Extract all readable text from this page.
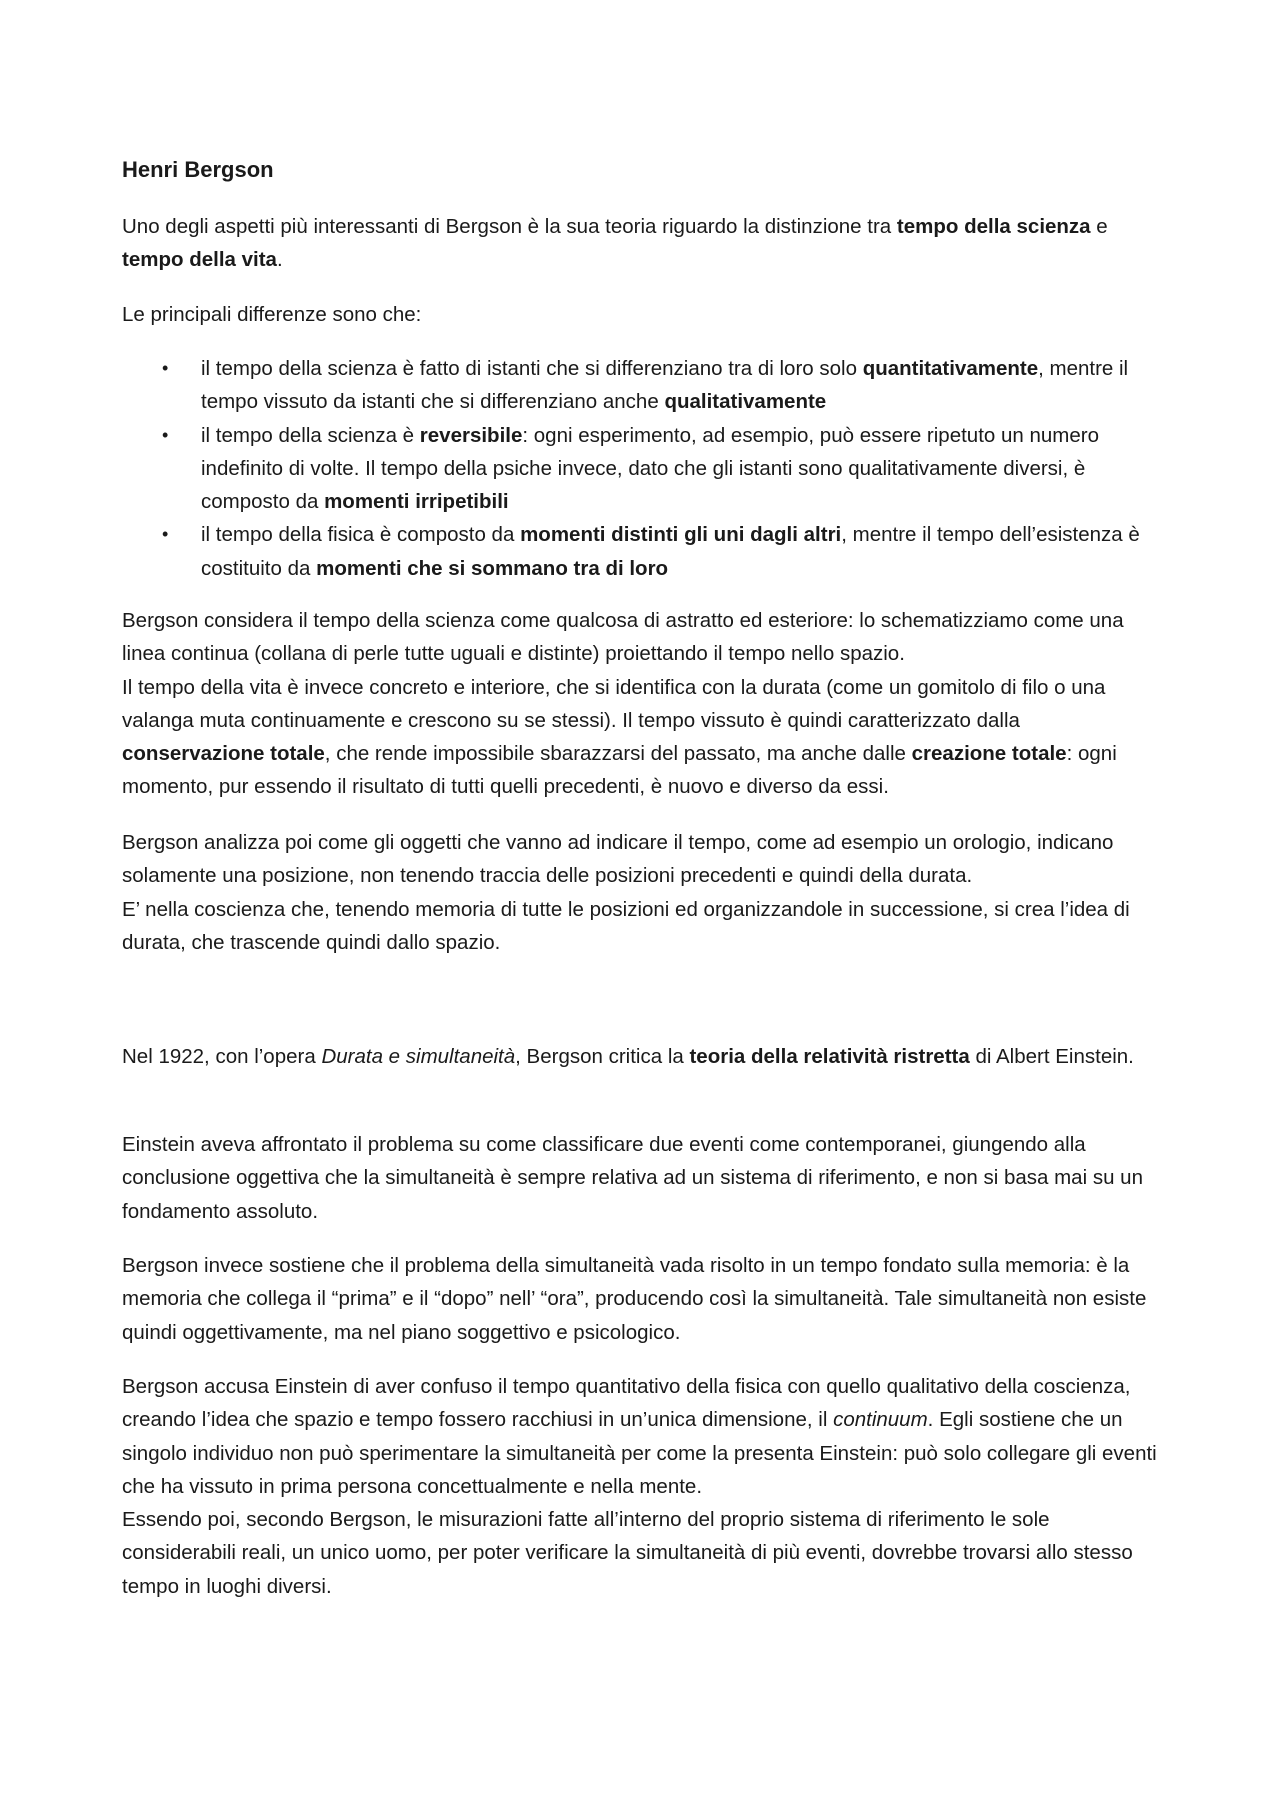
Henri Bergson

Uno degli aspetti più interessanti di Bergson è la sua teoria riguardo la distinzione tra tempo della scienza e tempo della vita.

Le principali differenze sono che:

• il tempo della scienza è fatto di istanti che si differenziano tra di loro solo quantitativamente, mentre il tempo vissuto da istanti che si differenziano anche qualitativamente
• il tempo della scienza è reversibile: ogni esperimento, ad esempio, può essere ripetuto un numero indefinito di volte. Il tempo della psiche invece, dato che gli istanti sono qualitativamente diversi, è composto da momenti irripetibili
• il tempo della fisica è composto da momenti distinti gli uni dagli altri, mentre il tempo dell’esistenza è costituito da momenti che si sommano tra di loro

Bergson considera il tempo della scienza come qualcosa di astratto ed esteriore: lo schematizziamo come una linea continua (collana di perle tutte uguali e distinte) proiettando il tempo nello spazio.
Il tempo della vita è invece concreto e interiore, che si identifica con la durata (come un gomitolo di filo o una valanga muta continuamente e crescono su se stessi). Il tempo vissuto è quindi caratterizzato dalla conservazione totale, che rende impossibile sbarazzarsi del passato, ma anche dalle creazione totale: ogni momento, pur essendo il risultato di tutti quelli precedenti, è nuovo e diverso da essi.

Bergson analizza poi come gli oggetti che vanno ad indicare il tempo, come ad esempio un orologio, indicano solamente una posizione, non tenendo traccia delle posizioni precedenti e quindi della durata.
E’ nella coscienza che, tenendo memoria di tutte le posizioni ed organizzandole in successione, si crea l’idea di durata, che trascende quindi dallo spazio.

Nel 1922, con l’opera Durata e simultaneità, Bergson critica la teoria della relatività ristretta di Albert Einstein.

Einstein aveva affrontato il problema su come classificare due eventi come contemporanei, giungendo alla conclusione oggettiva che la simultaneità è sempre relativa ad un sistema di riferimento, e non si basa mai su un fondamento assoluto.

Bergson invece sostiene che il problema della simultaneità vada risolto in un tempo fondato sulla memoria: è la memoria che collega il “prima” e il “dopo” nell’ “ora”, producendo così la simultaneità. Tale simultaneità non esiste quindi oggettivamente, ma nel piano soggettivo e psicologico.

Bergson accusa Einstein di aver confuso il tempo quantitativo della fisica con quello qualitativo della coscienza, creando l’idea che spazio e tempo fossero racchiusi in un’unica dimensione, il continuum. Egli sostiene che un singolo individuo non può sperimentare la simultaneità per come la presenta Einstein: può solo collegare gli eventi che ha vissuto in prima persona concettualmente e nella mente.
Essendo poi, secondo Bergson, le misurazioni fatte all’interno del proprio sistema di riferimento le sole considerabili reali, un unico uomo, per poter verificare la simultaneità di più eventi, dovrebbe trovarsi allo stesso tempo in luoghi diversi.
